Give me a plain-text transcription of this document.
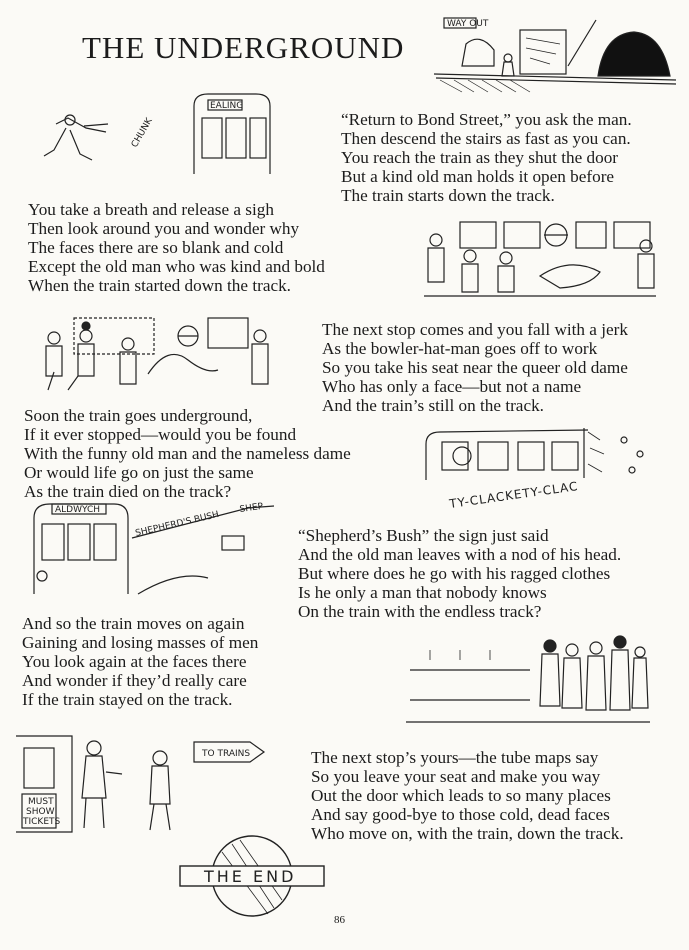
THE UNDERGROUND
WAY OUT

“Return to Bond Street,” you ask the man.
Then descend the stairs as fast as you can.
You reach the train as they shut the door
But a kind old man holds it open before
The train starts down the track.

CHUNK
EALING

You take a breath and release a sigh
Then look around you and wonder why
The faces there are so blank and cold
Except the old man who was kind and bold
When the train started down the track.

The next stop comes and you fall with a jerk
As the bowler-hat-man goes off to work
So you take his seat near the queer old dame
Who has only a face—but not a name
And the train’s still on the track.

Soon the train goes underground,
If it ever stopped—would you be found
With the funny old man and the nameless dame
Or would life go on just the same
As the train died on the track?	TY-CLACKETY-CLAC
ALDWYCH	SHEPHERD'S BUSH
SHEP

“Shepherd’s Bush” the sign just said
And the old man leaves with a nod of his head.
But where does he go with his ragged clothes
Is he only a man that nobody knows
On the train with the endless track?

And so the train moves on again
Gaining and losing masses of men
You look again at the faces there
And wonder if they’d really care
If the train stayed on the track.

MUST
SHOW
TICKETS
TO TRAINS	The next stop’s yours—the tube maps say
So you leave your seat and make you way
Out the door which leads to so many places
And say good-bye to those cold, dead faces
Who move on, with the train, down the track.

THE END
86
